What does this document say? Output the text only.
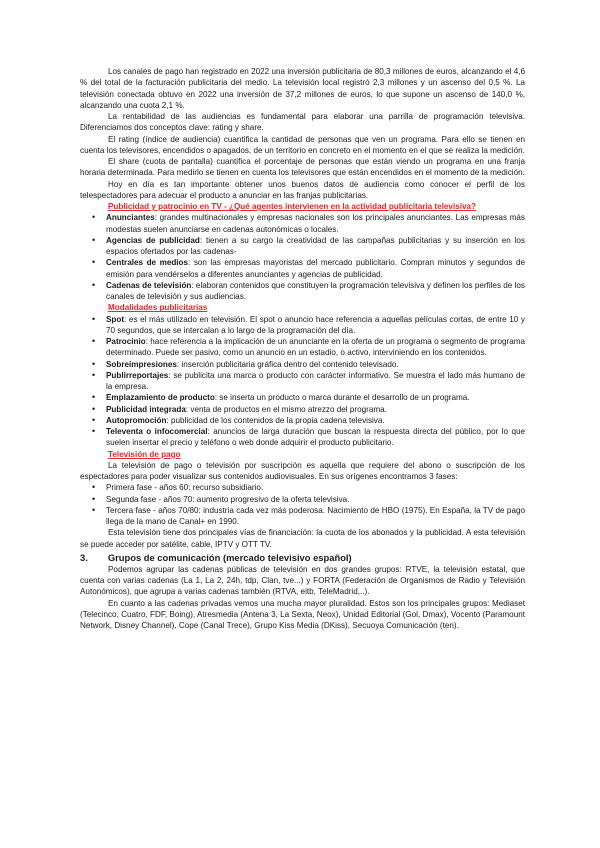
Los canales de pago han registrado en 2022 una inversión publicitaria de 80,3 millones de euros, alcanzando el 4,6 % del total de la facturación publicitaria del medio. La televisión local registró 2,3 millones y un ascenso del 0,5 %. La televisión conectada obtuvo en 2022 una inversión de 37,2 millones de euros, lo que supone un ascenso de 140,0 %, alcanzando una cuota 2,1 %.

La rentabilidad de las audiencias es fundamental para elaborar una parrilla de programación televisiva. Diferenciamos dos conceptos clave: rating y share.

El rating (índice de audiencia) cuantifica la cantidad de personas que ven un programa. Para ello se tienen en cuenta los televisores, encendidos o apagados, de un territorio en concreto en el momento en el que se realiza la medición.

El share (cuota de pantalla) cuantifica el porcentaje de personas que están viendo un programa en una franja horaria determinada. Para medirlo se tienen en cuenta los televisores que están encendidos en el momento de la medición.

Hoy en día es tan importante obtener unos buenos datos de audiencia como conocer el perfil de los telespectadores para adecuar el producto a anunciar en las franjas publicitarias.

Publicidad y patrocinio en TV - ¿Qué agentes intervienen en la actividad publicitaria televisiva?
• Anunciantes: grandes multinacionales y empresas nacionales son los principales anunciantes. Las empresas más modestas suelen anunciarse en cadenas autonómicas o locales.
• Agencias de publicidad: tienen a su cargo la creatividad de las campañas publicitarias y su inserción en los espacios ofertados por las cadenas-
• Centrales de medios: son las empresas mayoristas del mercado publicitario. Compran minutos y segundos de emisión para vendérselos a diferentes anunciantes y agencias de publicidad.
• Cadenas de televisión: elaboran contenidos que constituyen la programación televisiva y definen los perfiles de los canales de televisión y sus audiencias.
Modalidades publicitarias
• Spot: es el más utilizado en televisión. El spot o anuncio hace referencia a aquellas películas cortas, de entre 10 y 70 segundos, que se intercalan a lo largo de la programación del día.
• Patrocinio: hace referencia a la implicación de un anunciante en la oferta de un programa o segmento de programa determinado. Puede ser pasivo, como un anuncio en un estadio, o activo, interviniendo en los contenidos.
• Sobreimpresiones: inserción publicitaria gráfica dentro del contenido televisado.
• Publirreportajes: se publicita una marca o producto con carácter informativo. Se muestra el lado más humano de la empresa.
• Emplazamiento de producto: se inserta un producto o marca durante el desarrollo de un programa.
• Publicidad integrada: venta de productos en el mismo atrezzo del programa.
• Autopromoción: publicidad de los contenidos de la propia cadena televisiva.
• Televenta o infocomercial: anuncios de larga duración que buscan la respuesta directa del público, por lo que suelen insertar el precio y teléfono o web donde adquirir el producto publicitario.
Televisión de pago

La televisión de pago o televisión por suscripción es aquella que requiere del abono o suscripción de los espectadores para poder visualizar sus contenidos audiovisuales. En sus orígenes encontramos 3 fases:

• Primera fase - años 60: recurso subsidiario.
• Segunda fase - años 70: aumento progresivo de la oferta televisiva.
• Tercera fase - años 70/80: industria cada vez más poderosa. Nacimiento de HBO (1975). En España, la TV de pago llega de la mano de Canal+ en 1990.

Esta televisión tiene dos principales vías de financiación: la cuota de los abonados y la publicidad. A esta televisión se puede acceder por satélite, cable, IPTV y OTT TV.

3. Grupos de comunicación (mercado televisivo español)

Podemos agrupar las cadenas públicas de televisión en dos grandes grupos: RTVE, la televisión estatal, que cuenta con varias cadenas (La 1, La 2, 24h, tdp, Clan, tve...) y FORTA (Federación de Organismos de Radio y Televisión Autonómicos), que agrupa a varias cadenas también (RTVA, eitb, TeleMadrid,..).

En cuanto a las cadenas privadas vemos una mucha mayor pluralidad. Estos son los principales grupos: Mediaset (Telecinco, Cuatro, FDF, Boing), Atresmedia (Antena 3, La Sexta, Neox), Unidad Editorial (Gol, Dmax), Vocento (Paramount Network, Disney Channel), Cope (Canal Trece), Grupo Kiss Media (DKiss), Secuoya Comunicación (ten).
